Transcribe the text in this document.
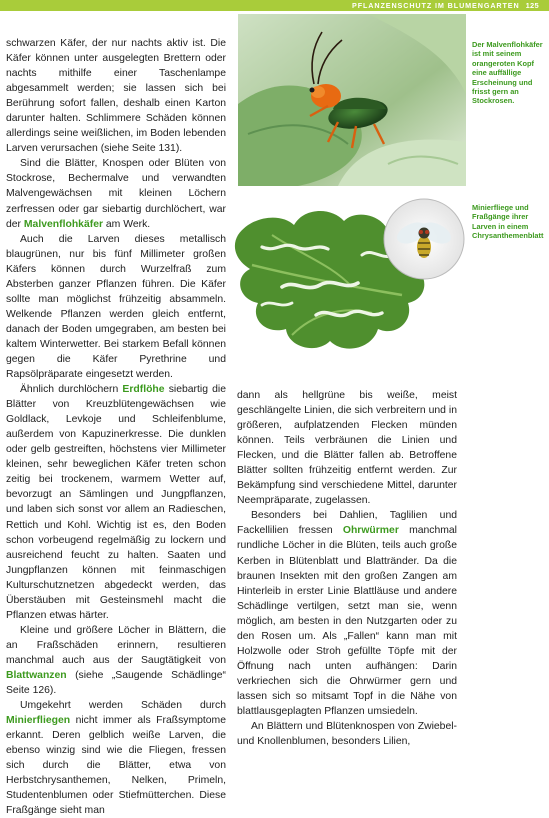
PFLANZENSCHUTZ IM BLUMENGARTEN 125

schwarzen Käfer, der nur nachts aktiv ist. Die Käfer können unter ausgelegten Brettern oder nachts mithilfe einer Taschenlampe abgesammelt werden; sie lassen sich bei Berührung sofort fallen, deshalb einen Karton darunter halten. Schlimmere Schäden können allerdings seine weißlichen, im Boden lebenden Larven verursachen (siehe Seite 131).

Sind die Blätter, Knospen oder Blüten von Stockrose, Bechermalve und verwandten Malvengewächsen mit kleinen Löchern zerfressen oder gar siebartig durchlöchert, war der Malvenflohkäfer am Werk.

Auch die Larven dieses metallisch blaugrünen, nur bis fünf Millimeter großen Käfers können durch Wurzelfraß zum Absterben ganzer Pflanzen führen. Die Käfer sollte man möglichst frühzeitig absammeln. Welkende Pflanzen werden gleich entfernt, danach der Boden umgegraben, am besten bei kaltem Winterwetter. Bei starkem Befall können gegen die Käfer Pyrethrine und Rapsölpräparate eingesetzt werden.

Ähnlich durchlöchern Erdflöhe siebartig die Blätter von Kreuzblütengewächsen wie Goldlack, Levkoje und Schleifenblume, außerdem von Kapuzinerkresse. Die dunklen oder gelb gestreiften, höchstens vier Millimeter kleinen, sehr beweglichen Käfer treten schon zeitig bei trockenem, warmem Wetter auf, bevorzugt an Sämlingen und Jungpflanzen, und laben sich sonst vor allem an Radieschen, Rettich und Kohl. Wichtig ist es, den Boden schon vorbeugend regelmäßig zu lockern und ausreichend feucht zu halten. Saaten und Jungpflanzen können mit feinmaschigen Kulturschutznetzen abgedeckt werden, das Überstäuben mit Gesteinsmehl macht die Pflanzen etwas härter.

Kleine und größere Löcher in Blättern, die an Fraßschäden erinnern, resultieren manchmal auch aus der Saugtätigkeit von Blattwanzen (siehe „Saugende Schädlinge“ Seite 126).

Umgekehrt werden Schäden durch Minierfliegen nicht immer als Fraßsymptome erkannt. Deren gelblich weiße Larven, die ebenso winzig sind wie die Fliegen, fressen sich durch die Blätter, etwa von Herbstchrysanthemen, Nelken, Primeln, Studentenblumen oder Stiefmütterchen. Diese Fraßgänge sieht man

Der Malvenflohkäfer ist mit seinem orangeroten Kopf eine auffällige Erscheinung und frisst gern an Stockrosen.
Minierfliege und Fraßgänge ihrer Larven in einem Chrysanthemenblatt

dann als hellgrüne bis weiße, meist geschlängelte Linien, die sich verbreitern und in größeren, aufplatzenden Flecken münden können. Teils verbräunen die Linien und Flecken, und die Blätter fallen ab. Betroffene Blätter sollten frühzeitig entfernt werden. Zur Bekämpfung sind verschiedene Mittel, darunter Neempräparate, zugelassen.

Besonders bei Dahlien, Taglilien und Fackellilien fressen Ohrwürmer manchmal rundliche Löcher in die Blüten, teils auch große Kerben in Blütenblatt und Blattränder. Da die braunen Insekten mit den großen Zangen am Hinterleib in erster Linie Blattläuse und andere Schädlinge vertilgen, setzt man sie, wenn möglich, am besten in den Nutzgarten oder zu den Rosen um. Als „Fallen“ kann man mit Holzwolle oder Stroh gefüllte Töpfe mit der Öffnung nach unten aufhängen: Darin verkriechen sich die Ohrwürmer gern und lassen sich so mitsamt Topf in die Nähe von blattlausgeplagten Pflanzen umsiedeln.

An Blättern und Blütenknospen von Zwiebel- und Knollenblumen, besonders Lilien,
